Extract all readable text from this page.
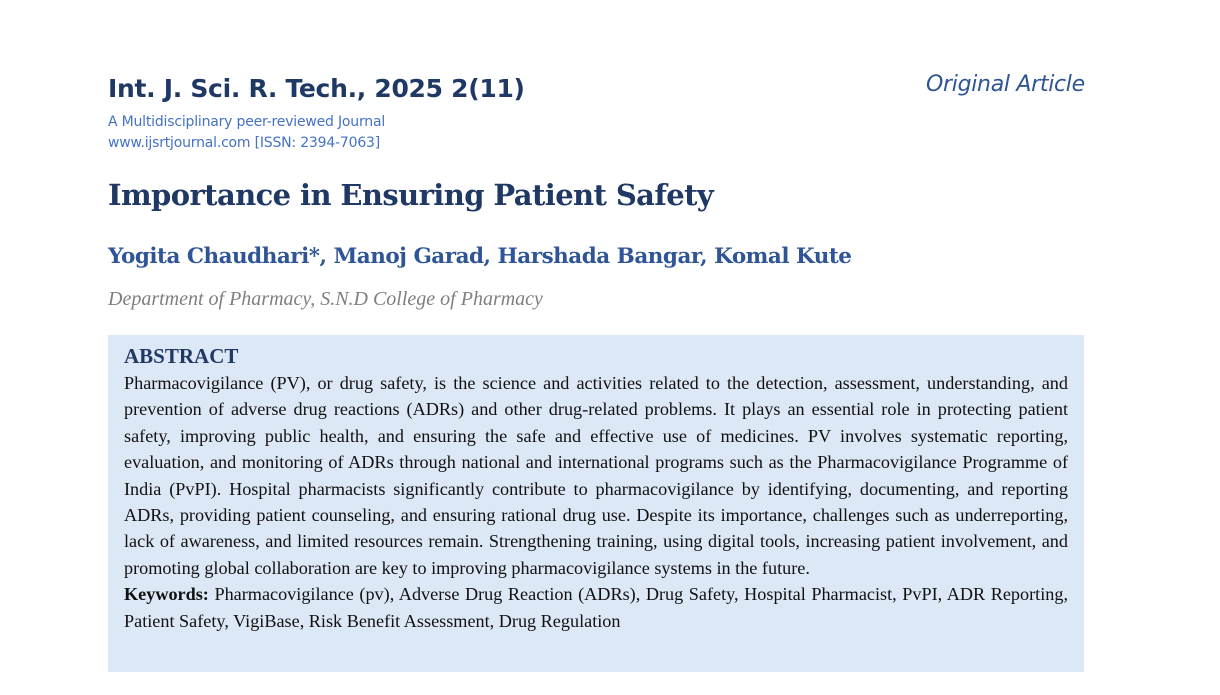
Int. J. Sci. R. Tech., 2025 2(11)

A Multidisciplinary peer-reviewed Journal

www.ijsrtjournal.com [ISSN: 2394-7063]

Original Article

Importance in Ensuring Patient Safety

Yogita Chaudhari*, Manoj Garad, Harshada Bangar, Komal Kute

Department of Pharmacy, S.N.D College of Pharmacy

ABSTRACT

Pharmacovigilance (PV), or drug safety, is the science and activities related to the detection, assessment, understanding, and prevention of adverse drug reactions (ADRs) and other drug-related problems. It plays an essential role in protecting patient safety, improving public health, and ensuring the safe and effective use of medicines. PV involves systematic reporting, evaluation, and monitoring of ADRs through national and international programs such as the Pharmacovigilance Programme of India (PvPI). Hospital pharmacists significantly contribute to pharmacovigilance by identifying, documenting, and reporting ADRs, providing patient counseling, and ensuring rational drug use. Despite its importance, challenges such as underreporting, lack of awareness, and limited resources remain. Strengthening training, using digital tools, increasing patient involvement, and promoting global collaboration are key to improving pharmacovigilance systems in the future.

Keywords: Pharmacovigilance (pv), Adverse Drug Reaction (ADRs), Drug Safety, Hospital Pharmacist, PvPI, ADR Reporting, Patient Safety, VigiBase, Risk Benefit Assessment, Drug Regulation
